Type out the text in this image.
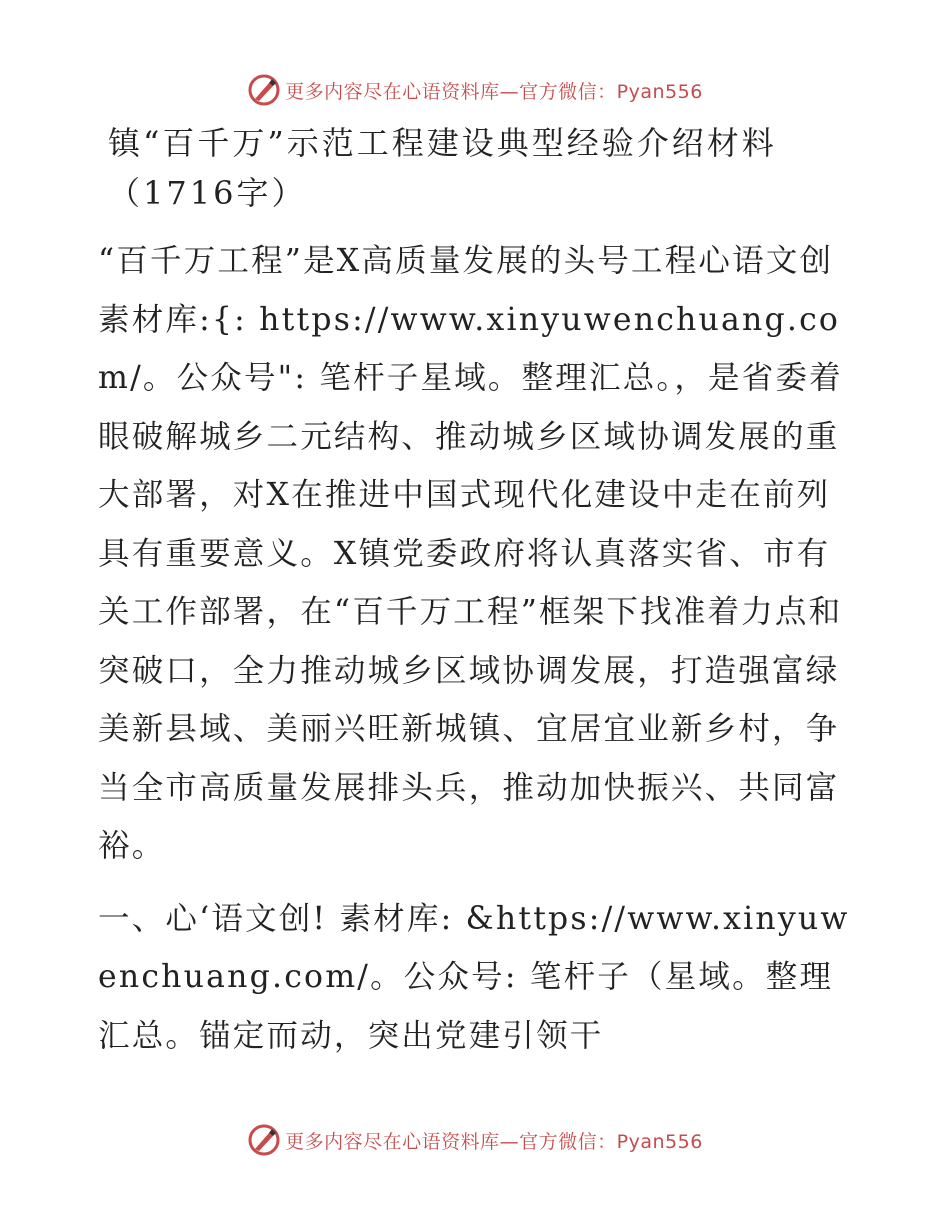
更多内容尽在心语资料库—官方微信：Pyan556
镇“百千万”示范工程建设典型经验介绍材料（1716字）

“百千万工程”是X高质量发展的头号工程心语文创素材库:{: https://www.xinyuwenchuang.com/。公众号": 笔杆子星域。整理汇总。，是省委着眼破解城乡二元结构、推动城乡区域协调发展的重大部署，对X在推进中国式现代化建设中走在前列具有重要意义。X镇党委政府将认真落实省、市有关工作部署，在“百千万工程”框架下找准着力点和突破口，全力推动城乡区域协调发展，打造强富绿美新县域、美丽兴旺新城镇、宜居宜业新乡村，争当全市高质量发展排头兵，推动加快振兴、共同富裕。

一、心‘语文创! 素材库: &https://www.xinyuwenchuang.com/。公众号: 笔杆子（星域。整理汇总。锚定而动，突出党建引领干

更多内容尽在心语资料库—官方微信：Pyan556
